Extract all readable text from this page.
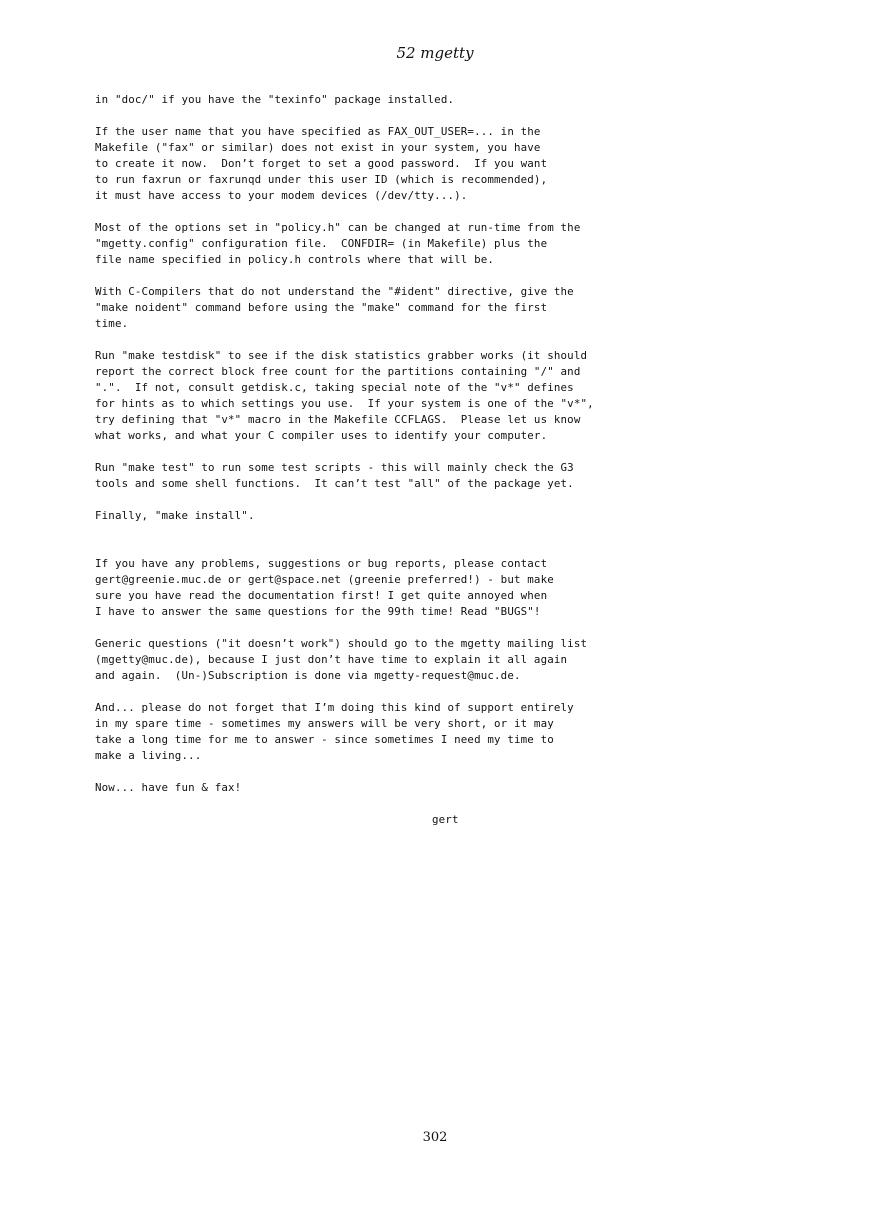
52 mgetty
in "doc/" if you have the "texinfo" package installed.
If the user name that you have specified as FAX_OUT_USER=... in the
Makefile ("fax" or similar) does not exist in your system, you have
to create it now.  Don’t forget to set a good password.  If you want
to run faxrun or faxrunqd under this user ID (which is recommended),
it must have access to your modem devices (/dev/tty...).
Most of the options set in "policy.h" can be changed at run-time from the
"mgetty.config" configuration file.  CONFDIR= (in Makefile) plus the
file name specified in policy.h controls where that will be.
With C-Compilers that do not understand the "#ident" directive, give the
"make noident" command before using the "make" command for the first
time.
Run "make testdisk" to see if the disk statistics grabber works (it should
report the correct block free count for the partitions containing "/" and
".".  If not, consult getdisk.c, taking special note of the "v*" defines
for hints as to which settings you use.  If your system is one of the "v*",
try defining that "v*" macro in the Makefile CCFLAGS.  Please let us know
what works, and what your C compiler uses to identify your computer.
Run "make test" to run some test scripts - this will mainly check the G3
tools and some shell functions.  It can’t test "all" of the package yet.
Finally, "make install".
If you have any problems, suggestions or bug reports, please contact
gert@greenie.muc.de or gert@space.net (greenie preferred!) - but make
sure you have read the documentation first! I get quite annoyed when
I have to answer the same questions for the 99th time! Read "BUGS"!
Generic questions ("it doesn’t work") should go to the mgetty mailing list
(mgetty@muc.de), because I just don’t have time to explain it all again
and again.  (Un-)Subscription is done via mgetty-request@muc.de.
And... please do not forget that I’m doing this kind of support entirely
in my spare time - sometimes my answers will be very short, or it may
take a long time for me to answer - since sometimes I need my time to
make a living...
Now... have fun & fax!
gert
302
